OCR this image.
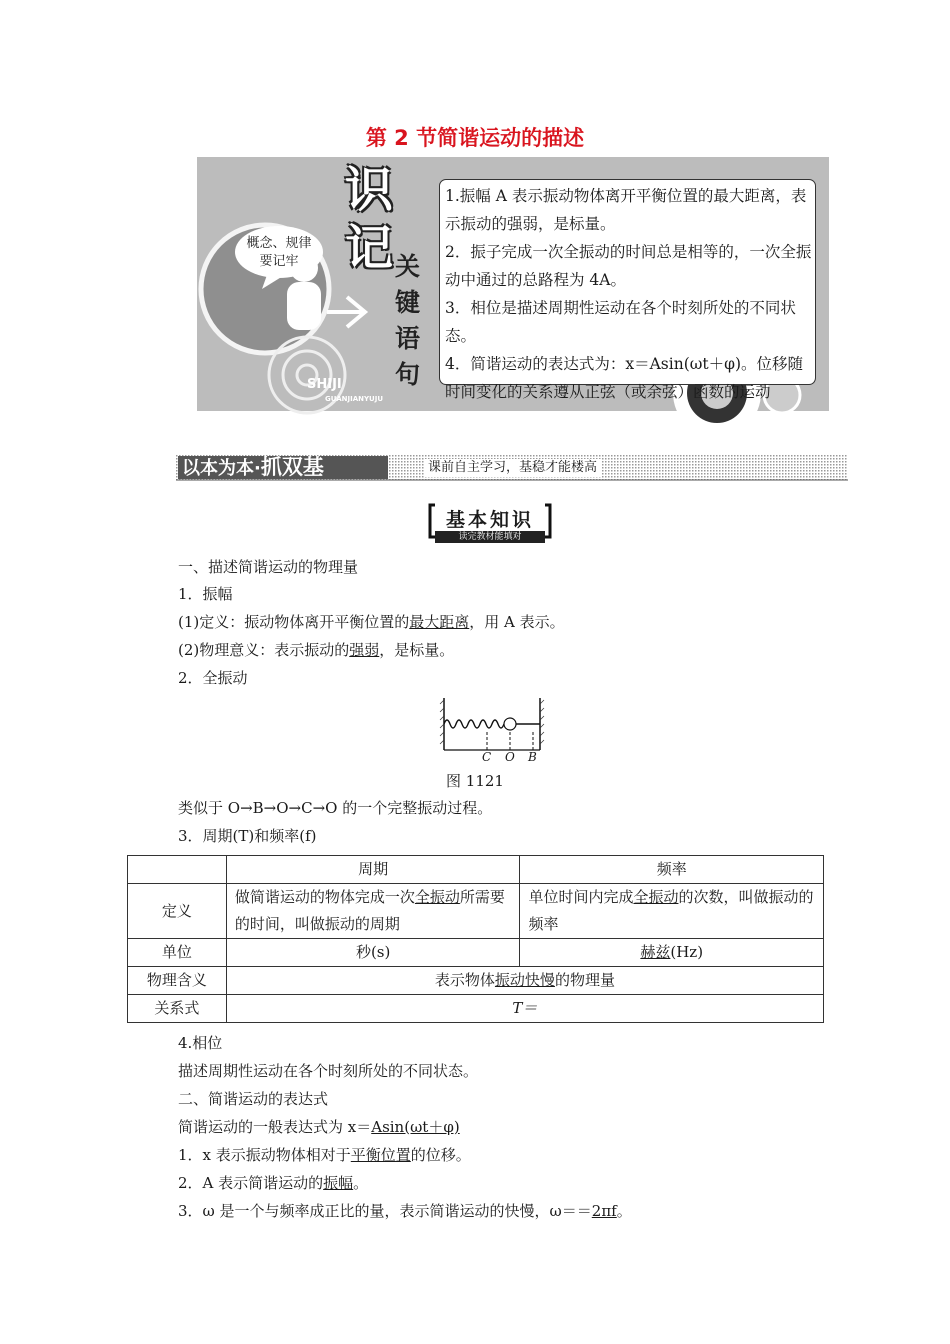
第 2 节简谐运动的描述
概念、规律
要记牢
识
记 关
键
语
句
SHIJI
GUANJIANYUJU

1.振幅 A 表示振动物体离开平衡位置的最大距离，表示振动的强弱，是标量。

2．振子完成一次全振动的时间总是相等的，一次全振动中通过的总路程为 4A。

3．相位是描述周期性运动在各个时刻所处的不同状态。

4．简谐运动的表达式为：x＝Asin(ωt＋φ)。位移随时间变化的关系遵从正弦（或余弦）函数的运动

以本为本·抓双基	课前自主学习，基稳才能楼高
基本知识
读完教材能填对
一、描述简谐运动的物理量
1．振幅
(1)定义：振动物体离开平衡位置的最大距离，用 A 表示。
(2)物理意义：表示振动的强弱，是标量。
2．全振动
C O B
图 1121
类似于 O→B→O→C→O 的一个完整振动过程。
3．周期(T)和频率(f)
	周期	频率
定义	做简谐运动的物体完成一次全振动所需要的时间，叫做振动的周期	单位时间内完成全振动的次数，叫做振动的频率
单位	秒(s)	赫兹(Hz)
物理含义	表示物体振动快慢的物理量	
关系式	T＝	
4.相位
描述周期性运动在各个时刻所处的不同状态。
二、简谐运动的表达式
简谐运动的一般表达式为 x＝Asin(ωt＋φ)
1．x 表示振动物体相对于平衡位置的位移。
2．A 表示简谐运动的振幅。
3．ω 是一个与频率成正比的量，表示简谐运动的快慢，ω＝＝2πf。
